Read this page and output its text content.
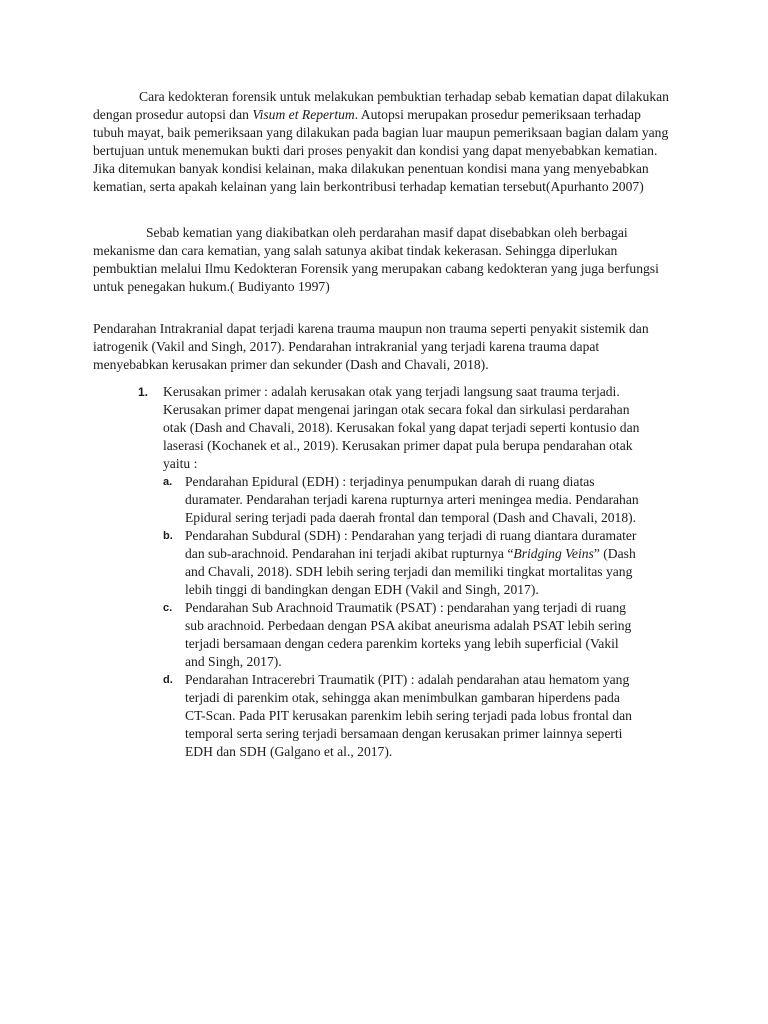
Cara kedokteran forensik untuk melakukan pembuktian terhadap sebab kematian dapat dilakukan dengan prosedur autopsi dan Visum et Repertum. Autopsi merupakan prosedur pemeriksaan terhadap tubuh mayat, baik pemeriksaan yang dilakukan pada bagian luar maupun pemeriksaan bagian dalam yang bertujuan untuk menemukan bukti dari proses penyakit dan kondisi yang dapat menyebabkan kematian. Jika ditemukan banyak kondisi kelainan, maka dilakukan penentuan kondisi mana yang menyebabkan kematian, serta apakah kelainan yang lain berkontribusi terhadap kematian tersebut(Apurhanto 2007)

Sebab kematian yang diakibatkan oleh perdarahan masif dapat disebabkan oleh berbagai mekanisme dan cara kematian, yang salah satunya akibat tindak kekerasan. Sehingga diperlukan pembuktian melalui Ilmu Kedokteran Forensik yang merupakan cabang kedokteran yang juga berfungsi untuk penegakan hukum.( Budiyanto 1997)

Pendarahan Intrakranial dapat terjadi karena trauma maupun non trauma seperti penyakit sistemik dan iatrogenik (Vakil and Singh, 2017). Pendarahan intrakranial yang terjadi karena trauma dapat menyebabkan kerusakan primer dan sekunder (Dash and Chavali, 2018).

1. Kerusakan primer : adalah kerusakan otak yang terjadi langsung saat trauma terjadi. Kerusakan primer dapat mengenai jaringan otak secara fokal dan sirkulasi perdarahan otak (Dash and Chavali, 2018). Kerusakan fokal yang dapat terjadi seperti kontusio dan laserasi (Kochanek et al., 2019). Kerusakan primer dapat pula berupa pendarahan otak yaitu :
a. Pendarahan Epidural (EDH) : terjadinya penumpukan darah di ruang diatas duramater. Pendarahan terjadi karena rupturnya arteri meningea media. Pendarahan Epidural sering terjadi pada daerah frontal dan temporal (Dash and Chavali, 2018).
b. Pendarahan Subdural (SDH) : Pendarahan yang terjadi di ruang diantara duramater dan sub-arachnoid. Pendarahan ini terjadi akibat rupturnya “Bridging Veins” (Dash and Chavali, 2018). SDH lebih sering terjadi dan memiliki tingkat mortalitas yang lebih tinggi di bandingkan dengan EDH (Vakil and Singh, 2017).
c. Pendarahan Sub Arachnoid Traumatik (PSAT) : pendarahan yang terjadi di ruang sub arachnoid. Perbedaan dengan PSA akibat aneurisma adalah PSAT lebih sering terjadi bersamaan dengan cedera parenkim korteks yang lebih superficial (Vakil and Singh, 2017).
d. Pendarahan Intracerebri Traumatik (PIT) : adalah pendarahan atau hematom yang terjadi di parenkim otak, sehingga akan menimbulkan gambaran hiperdens pada CT-Scan. Pada PIT kerusakan parenkim lebih sering terjadi pada lobus frontal dan temporal serta sering terjadi bersamaan dengan kerusakan primer lainnya seperti EDH dan SDH (Galgano et al., 2017).
